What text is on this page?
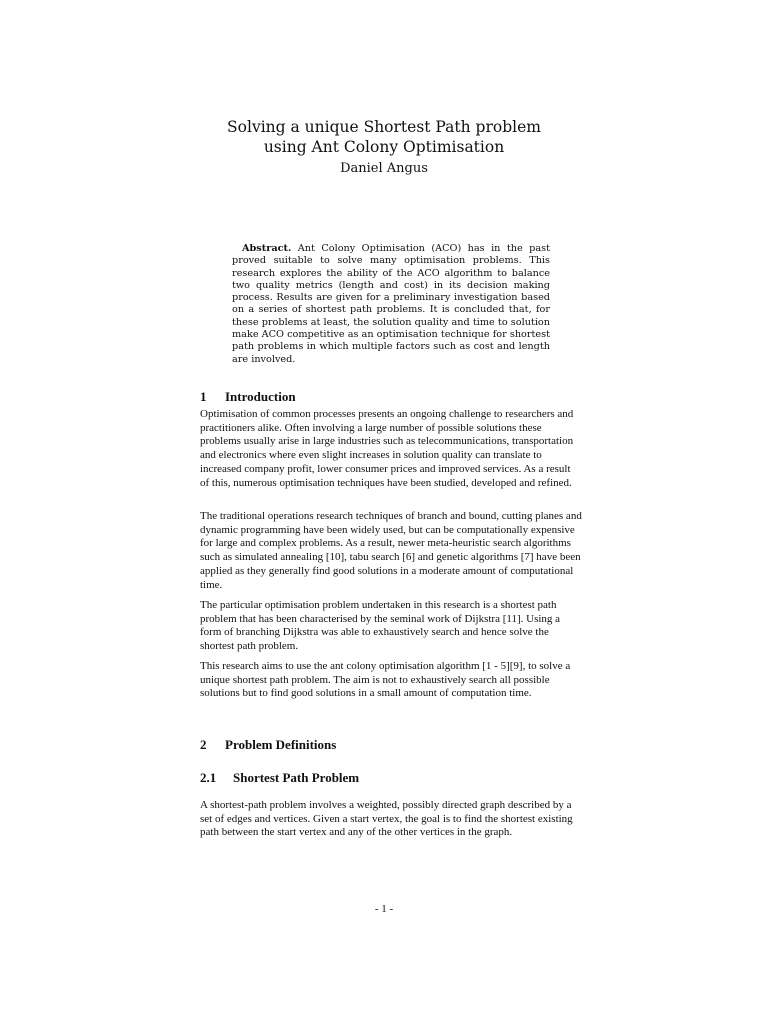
Solving a unique Shortest Path problem
using Ant Colony Optimisation
Daniel Angus
Abstract. Ant Colony Optimisation (ACO) has in the past proved suitable to solve many optimisation problems. This research explores the ability of the ACO algorithm to balance two quality metrics (length and cost) in its decision making process. Results are given for a preliminary investigation based on a series of shortest path problems. It is concluded that, for these problems at least, the solution quality and time to solution make ACO competitive as an optimisation technique for shortest path problems in which multiple factors such as cost and length are involved.
1 Introduction

Optimisation of common processes presents an ongoing challenge to researchers and practitioners alike. Often involving a large number of possible solutions these problems usually arise in large industries such as telecommunications, transportation and electronics where even slight increases in solution quality can translate to increased company profit, lower consumer prices and improved services. As a result of this, numerous optimisation techniques have been studied, developed and refined.

The traditional operations research techniques of branch and bound, cutting planes and dynamic programming have been widely used, but can be computationally expensive for large and complex problems. As a result, newer meta-heuristic search algorithms such as simulated annealing [10], tabu search [6] and genetic algorithms [7] have been applied as they generally find good solutions in a moderate amount of computational time.

The particular optimisation problem undertaken in this research is a shortest path problem that has been characterised by the seminal work of Dijkstra [11]. Using a form of branching Dijkstra was able to exhaustively search and hence solve the shortest path problem.

This research aims to use the ant colony optimisation algorithm [1 - 5][9], to solve a unique shortest path problem. The aim is not to exhaustively search all possible solutions but to find good solutions in a small amount of computation time.

2 Problem Definitions
2.1 Shortest Path Problem

A shortest-path problem involves a weighted, possibly directed graph described by a set of edges and vertices. Given a start vertex, the goal is to find the shortest existing path between the start vertex and any of the other vertices in the graph.

- 1 -
